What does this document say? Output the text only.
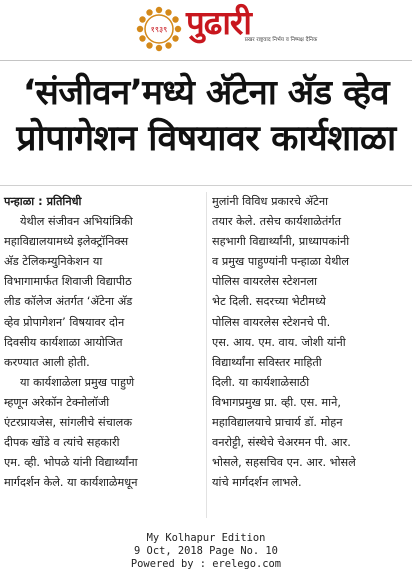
१९३९ पुढारी
प्रखर राष्ट्रवाद निर्भय व निष्पक्ष दैनिक
‘संजीवन’मध्ये अ‍ॅटेना अ‍ॅड व्हेव
प्रोपागेशन विषयावर कार्यशाळा

पन्हाळा : प्रतिनिधी

येथील संजीवन अभियांत्रिकी
महाविद्यालयामध्ये इलेक्ट्रॉनिक्स
अ‍ॅड टेलिकम्युनिकेशन या
विभागामार्फत शिवाजी विद्यापीठ
लीड कॉलेज अंतर्गत ‘अ‍ॅटेना अ‍ॅड
व्हेव प्रोपागेशन’ विषयावर दोन
दिवसीय कार्यशाळा आयोजित
करण्यात आली होती.

या कार्यशाळेला प्रमुख पाहुणे
म्हणून अरेकॉन टेक्नोलॉजी
एंटरप्रायजेस, सांगलीचे संचालक
दीपक खोंडे व त्यांचे सहकारी
एम. व्ही. भोपळे यांनी विद्यार्थ्यांना
मार्गदर्शन केले. या कार्यशाळेमधून

मुलांनी विविध प्रकारचे अ‍ॅटेना
तयार केले. तसेच कार्यशाळेतंर्गत
सहभागी विद्यार्थ्यांनी, प्राध्यापकांनी
व प्रमुख पाहुण्यांनी पन्हाळा येथील
पोलिस वायरलेस स्टेशनला
भेट दिली. सदरच्या भेटीमध्ये
पोलिस वायरलेस स्टेशनचे पी.
एस. आय. एम. वाय. जोशी यांनी
विद्यार्थ्यांना सविस्तर माहिती
दिली. या कार्यशाळेसाठी
विभागप्रमुख प्रा. व्ही. एस. माने,
महाविद्यालयाचे प्राचार्य डॉ. मोहन
वनरोट्टी, संस्थेचे चेअरमन पी. आर.
भोसले, सहसचिव एन. आर. भोसले
यांचे मार्गदर्शन लाभले.

My Kolhapur Edition
9 Oct, 2018 Page No. 10
Powered by : erelego.com
